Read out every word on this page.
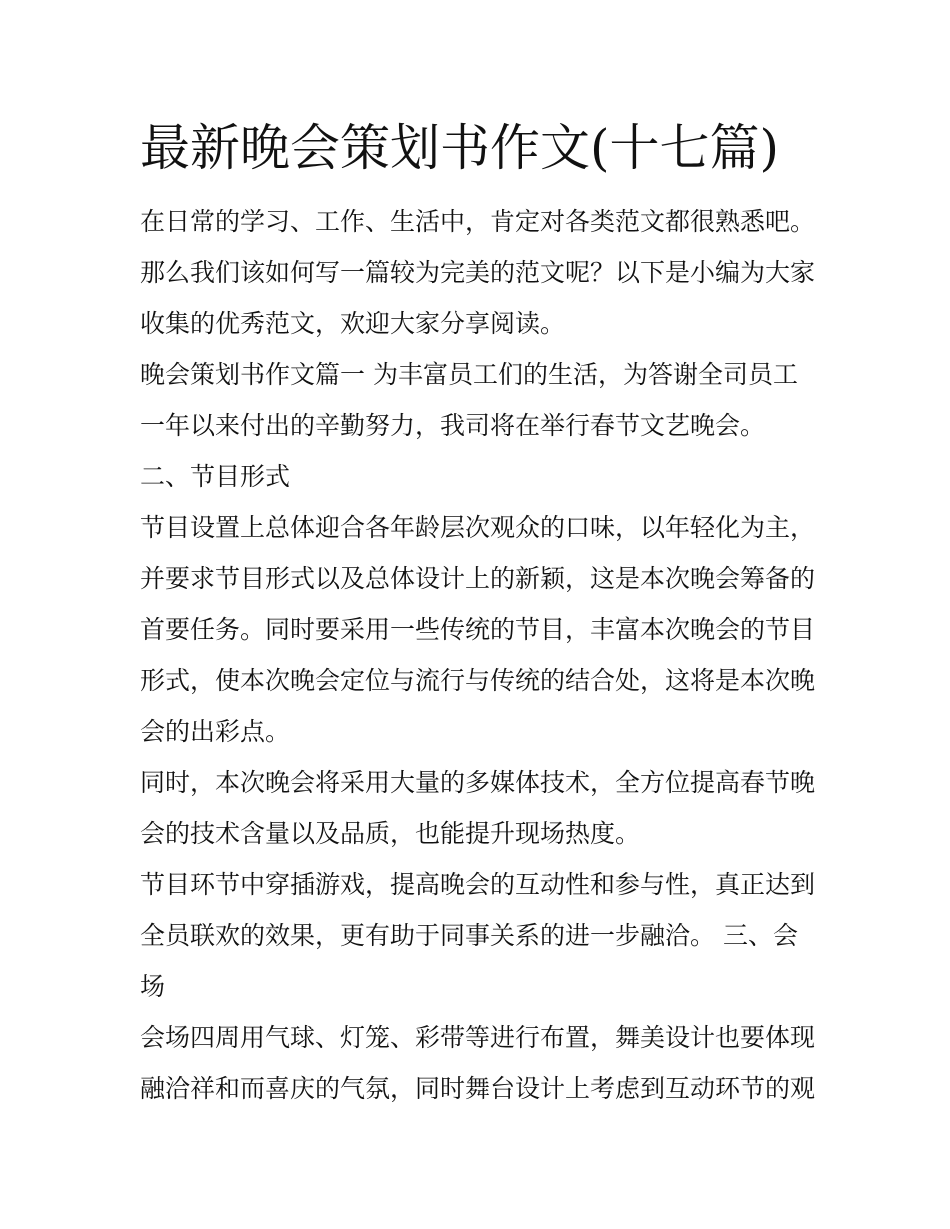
最新晚会策划书作文(十七篇)
在日常的学习、工作、生活中，肯定对各类范文都很熟悉吧。
那么我们该如何写一篇较为完美的范文呢？以下是小编为大家
收集的优秀范文，欢迎大家分享阅读。
晚会策划书作文篇一 为丰富员工们的生活，为答谢全司员工
一年以来付出的辛勤努力，我司将在举行春节文艺晚会。
二、节目形式
节目设置上总体迎合各年龄层次观众的口味，以年轻化为主，
并要求节目形式以及总体设计上的新颖，这是本次晚会筹备的
首要任务。同时要采用一些传统的节目，丰富本次晚会的节目
形式，使本次晚会定位与流行与传统的结合处，这将是本次晚
会的出彩点。
同时，本次晚会将采用大量的多媒体技术，全方位提高春节晚
会的技术含量以及品质，也能提升现场热度。
节目环节中穿插游戏，提高晚会的互动性和参与性，真正达到
全员联欢的效果，更有助于同事关系的进一步融洽。 三、会
场
会场四周用气球、灯笼、彩带等进行布置，舞美设计也要体现
融洽祥和而喜庆的气氛，同时舞台设计上考虑到互动环节的观
